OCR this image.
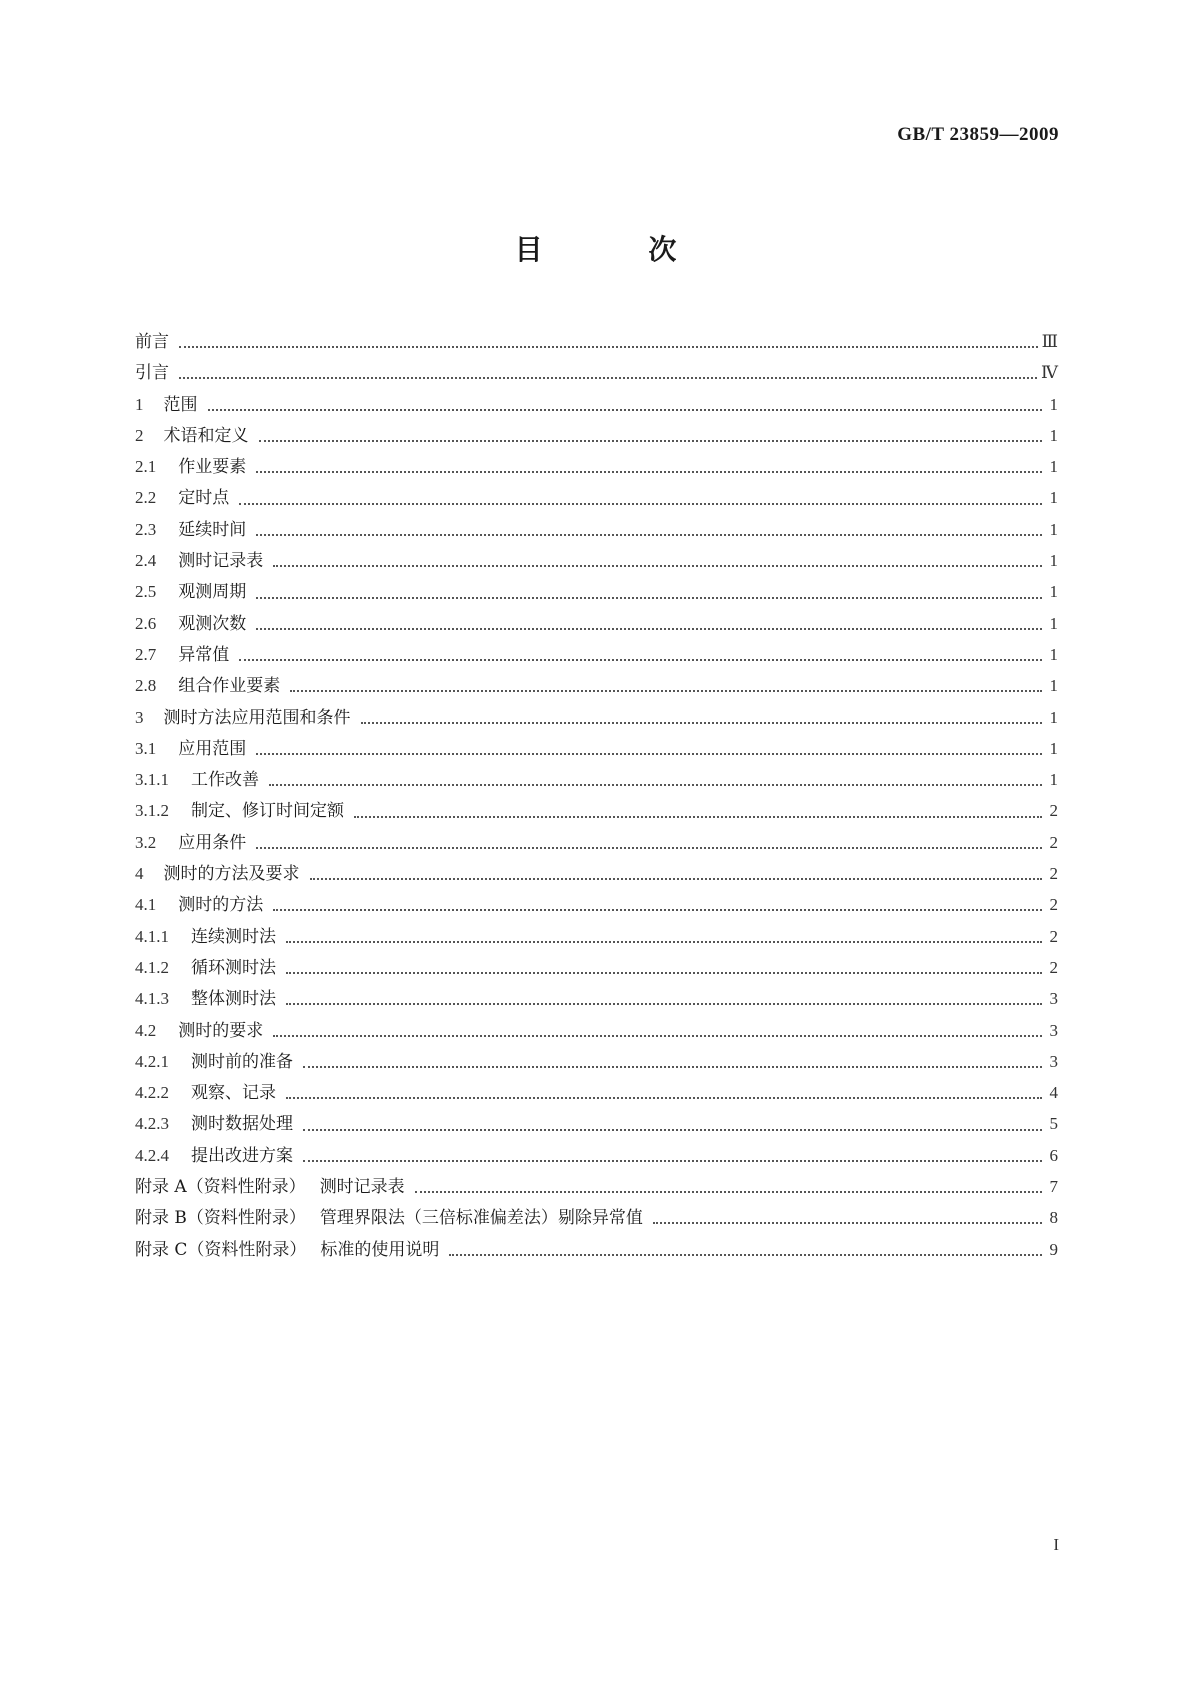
GB/T 23859—2009
目 次
前言	Ⅲ
引言	Ⅳ
1 范围	1
2 术语和定义	1
2.1 作业要素	1
2.2 定时点	1
2.3 延续时间	1
2.4 测时记录表	1
2.5 观测周期	1
2.6 观测次数	1
2.7 异常值	1
2.8 组合作业要素	1
3 测时方法应用范围和条件	1
3.1 应用范围	1
3.1.1 工作改善	1
3.1.2 制定、修订时间定额	2
3.2 应用条件	2
4 测时的方法及要求	2
4.1 测时的方法	2
4.1.1 连续测时法	2
4.1.2 循环测时法	2
4.1.3 整体测时法	3
4.2 测时的要求	3
4.2.1 测时前的准备	3
4.2.2 观察、记录	4
4.2.3 测时数据处理	5
4.2.4 提出改进方案	6
附录 A（资料性附录） 测时记录表	7
附录 B（资料性附录） 管理界限法（三倍标准偏差法）剔除异常值	8
附录 C（资料性附录） 标准的使用说明	9
I
